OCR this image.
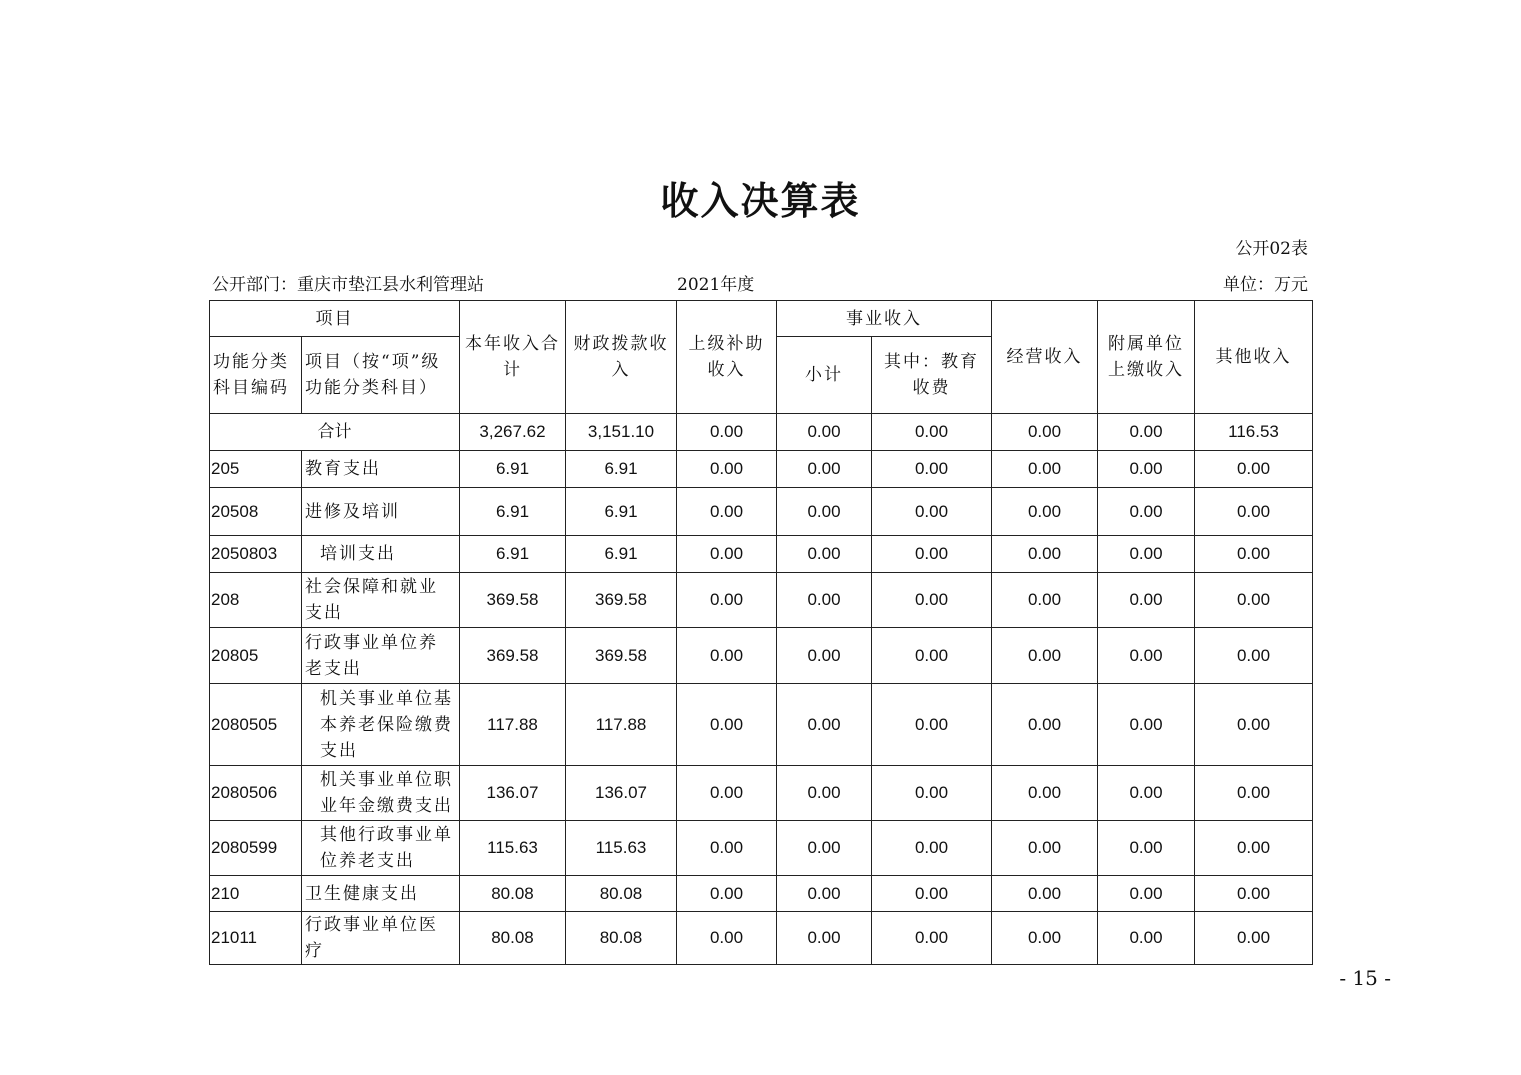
收入决算表
公开02表
公开部门：重庆市垫江县水利管理站	2021年度	单位：万元
项目		本年收入合计	财政拨款收入	上级补助收入	事业收入		经营收入	附属单位上缴收入	其他收入
功能分类科目编码	项目（按“项”级功能分类科目）				小计	其中：教育收费			
合计		3,267.62	3,151.10	0.00	0.00	0.00	0.00	0.00	116.53
205	教育支出	6.91	6.91	0.00	0.00	0.00	0.00	0.00	0.00
20508	进修及培训	6.91	6.91	0.00	0.00	0.00	0.00	0.00	0.00
2050803	培训支出	6.91	6.91	0.00	0.00	0.00	0.00	0.00	0.00
208	社会保障和就业支出	369.58	369.58	0.00	0.00	0.00	0.00	0.00	0.00
20805	行政事业单位养老支出	369.58	369.58	0.00	0.00	0.00	0.00	0.00	0.00
2080505	机关事业单位基本养老保险缴费支出	117.88	117.88	0.00	0.00	0.00	0.00	0.00	0.00
2080506	机关事业单位职业年金缴费支出	136.07	136.07	0.00	0.00	0.00	0.00	0.00	0.00
2080599	其他行政事业单位养老支出	115.63	115.63	0.00	0.00	0.00	0.00	0.00	0.00
210	卫生健康支出	80.08	80.08	0.00	0.00	0.00	0.00	0.00	0.00
21011	行政事业单位医疗	80.08	80.08	0.00	0.00	0.00	0.00	0.00	0.00
- 15 -
